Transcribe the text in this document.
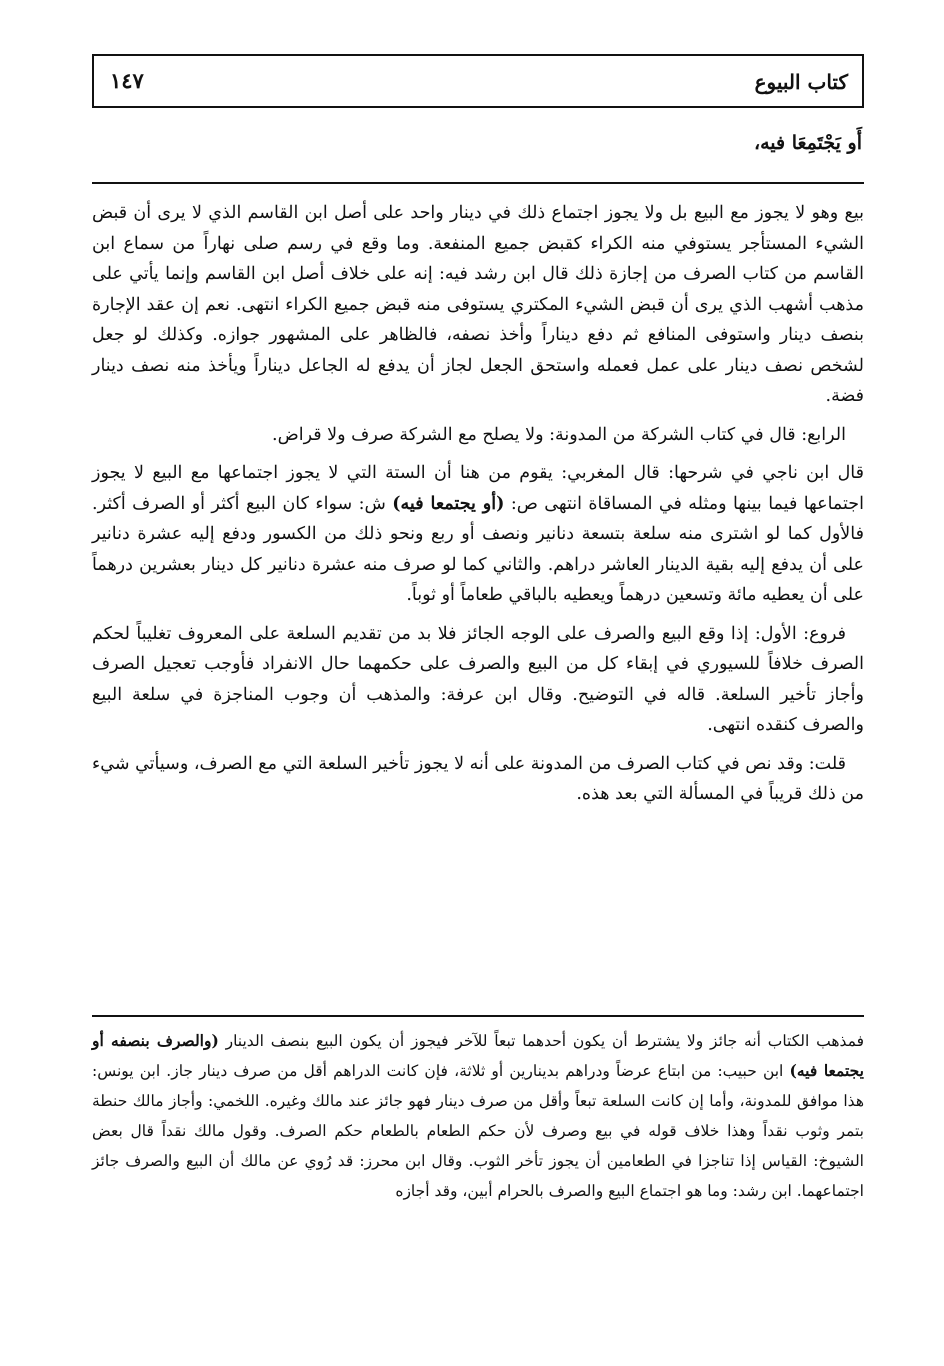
كتاب البيوع
١٤٧
أَو يَجْتَمِعَا فيه،

بيع وهو لا يجوز مع البيع بل ولا يجوز اجتماع ذلك في دينار واحد على أصل ابن القاسم الذي لا يرى أن قبض الشيء المستأجر يستوفي منه الكراء كقبض جميع المنفعة. وما وقع في رسم صلى نهاراً من سماع ابن القاسم من كتاب الصرف من إجازة ذلك قال ابن رشد فيه: إنه على خلاف أصل ابن القاسم وإنما يأتي على مذهب أشهب الذي يرى أن قبض الشيء المكتري يستوفى منه قبض جميع الكراء انتهى. نعم إن عقد الإجارة بنصف دينار واستوفى المنافع ثم دفع ديناراً وأخذ نصفه، فالظاهر على المشهور جوازه. وكذلك لو جعل لشخص نصف دينار على عمل فعمله واستحق الجعل لجاز أن يدفع له الجاعل ديناراً ويأخذ منه نصف دينار فضة.

الرابع: قال في كتاب الشركة من المدونة: ولا يصلح مع الشركة صرف ولا قراض.

قال ابن ناجي في شرحها: قال المغربي: يقوم من هنا أن الستة التي لا يجوز اجتماعها مع البيع لا يجوز اجتماعها فيما بينها ومثله في المساقاة انتهى ص: (أو يجتمعا فيه) ش: سواء كان البيع أكثر أو الصرف أكثر. فالأول كما لو اشترى منه سلعة بتسعة دنانير ونصف أو ربع ونحو ذلك من الكسور ودفع إليه عشرة دنانير على أن يدفع إليه بقية الدينار العاشر دراهم. والثاني كما لو صرف منه عشرة دنانير كل دينار بعشرين درهماً على أن يعطيه مائة وتسعين درهماً ويعطيه بالباقي طعاماً أو ثوباً.

فروع: الأول: إذا وقع البيع والصرف على الوجه الجائز فلا بد من تقديم السلعة على المعروف تغليباً لحكم الصرف خلافاً للسيوري في إبقاء كل من البيع والصرف على حكمهما حال الانفراد فأوجب تعجيل الصرف وأجاز تأخير السلعة. قاله في التوضيح. وقال ابن عرفة: والمذهب أن وجوب المناجزة في سلعة البيع والصرف كنقده انتهى.

قلت: وقد نص في كتاب الصرف من المدونة على أنه لا يجوز تأخير السلعة التي مع الصرف، وسيأتي شيء من ذلك قريباً في المسألة التي بعد هذه.

فمذهب الكتاب أنه جائز ولا يشترط أن يكون أحدهما تبعاً للآخر فيجوز أن يكون البيع بنصف الدينار (والصرف بنصفه أو يجتمعا فيه) ابن حبيب: من ابتاع عرضاً ودراهم بدينارين أو ثلاثة، فإن كانت الدراهم أقل من صرف دينار جاز. ابن يونس: هذا موافق للمدونة، وأما إن كانت السلعة تبعاً وأقل من صرف دينار فهو جائز عند مالك وغيره. اللخمي: وأجاز مالك حنطة بتمر وثوب نقداً وهذا خلاف قوله في بيع وصرف لأن حكم الطعام بالطعام حكم الصرف. وقول مالك نقداً قال بعض الشيوخ: القياس إذا تناجزا في الطعامين أن يجوز تأخر الثوب. وقال ابن محرز: قد رُوي عن مالك أن البيع والصرف جائز اجتماعهما. ابن رشد: وما هو اجتماع البيع والصرف بالحرام أبين، وقد أجازه
